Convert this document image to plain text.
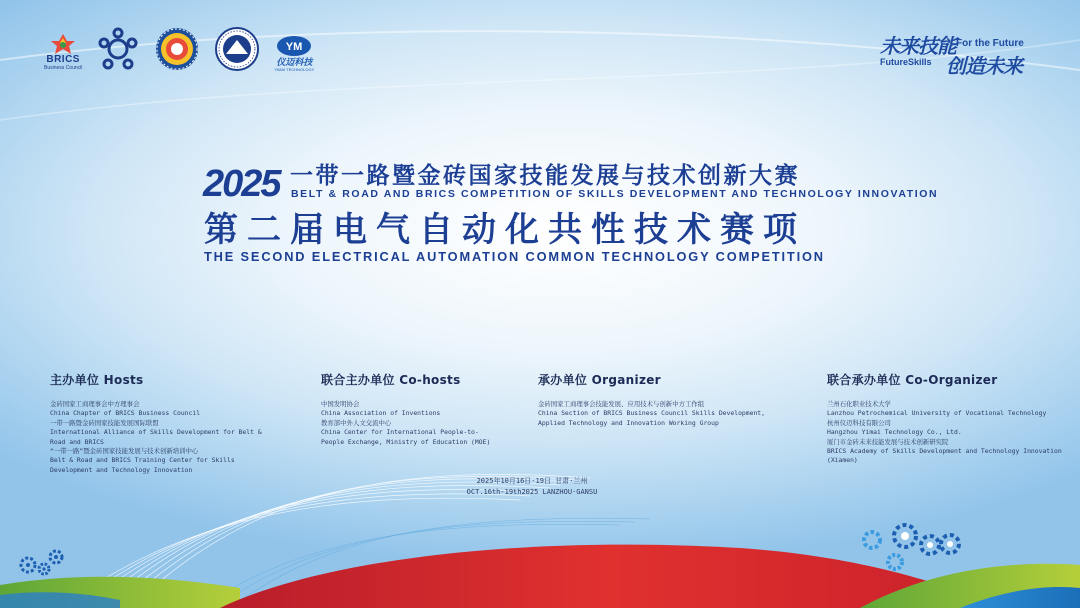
BRICS
Business Council
YM
仪迈科技
YIMAI TECHNOLOGY
未来技能 For the Future
FutureSkills 创造未来
2025 一带一路暨金砖国家技能发展与技术创新大赛
BELT & ROAD AND BRICS COMPETITION OF SKILLS DEVELOPMENT AND TECHNOLOGY INNOVATION
第二届电气自动化共性技术赛项
THE SECOND ELECTRICAL AUTOMATION COMMON TECHNOLOGY COMPETITION
主办单位 Hosts
金砖国家工商理事会中方理事会
China Chapter of BRICS Business Council
一带一路暨金砖国家技能发展国际联盟
International Alliance of Skills Development for Belt &
Road and BRICS
“一带一路”暨金砖国家技能发展与技术创新培训中心
Belt & Road and BRICS Training Center for Skills
Development and Technology Innovation
联合主办单位 Co-hosts
中国发明协会
China Association of Inventions
教育部中外人文交流中心
China Center for International People-to-
People Exchange, Ministry of Education (MOE)
承办单位 Organizer
金砖国家工商理事会技能发展、应用技术与创新中方工作组
China Section of BRICS Business Council Skills Development,
Applied Technology and Innovation Working Group
联合承办单位 Co-Organizer
兰州石化职业技术大学
Lanzhou Petrochemical University of Vocational Technology
杭州仪迈科技有限公司
Hangzhou Yimai Technology Co., Ltd.
厦门市金砖未来技能发展与技术创新研究院
BRICS Academy of Skills Development and Technology Innovation
(Xiamen)
2025年10月16日-19日 甘肃·兰州
OCT.16th-19th2025 LANZHOU·GANSU
